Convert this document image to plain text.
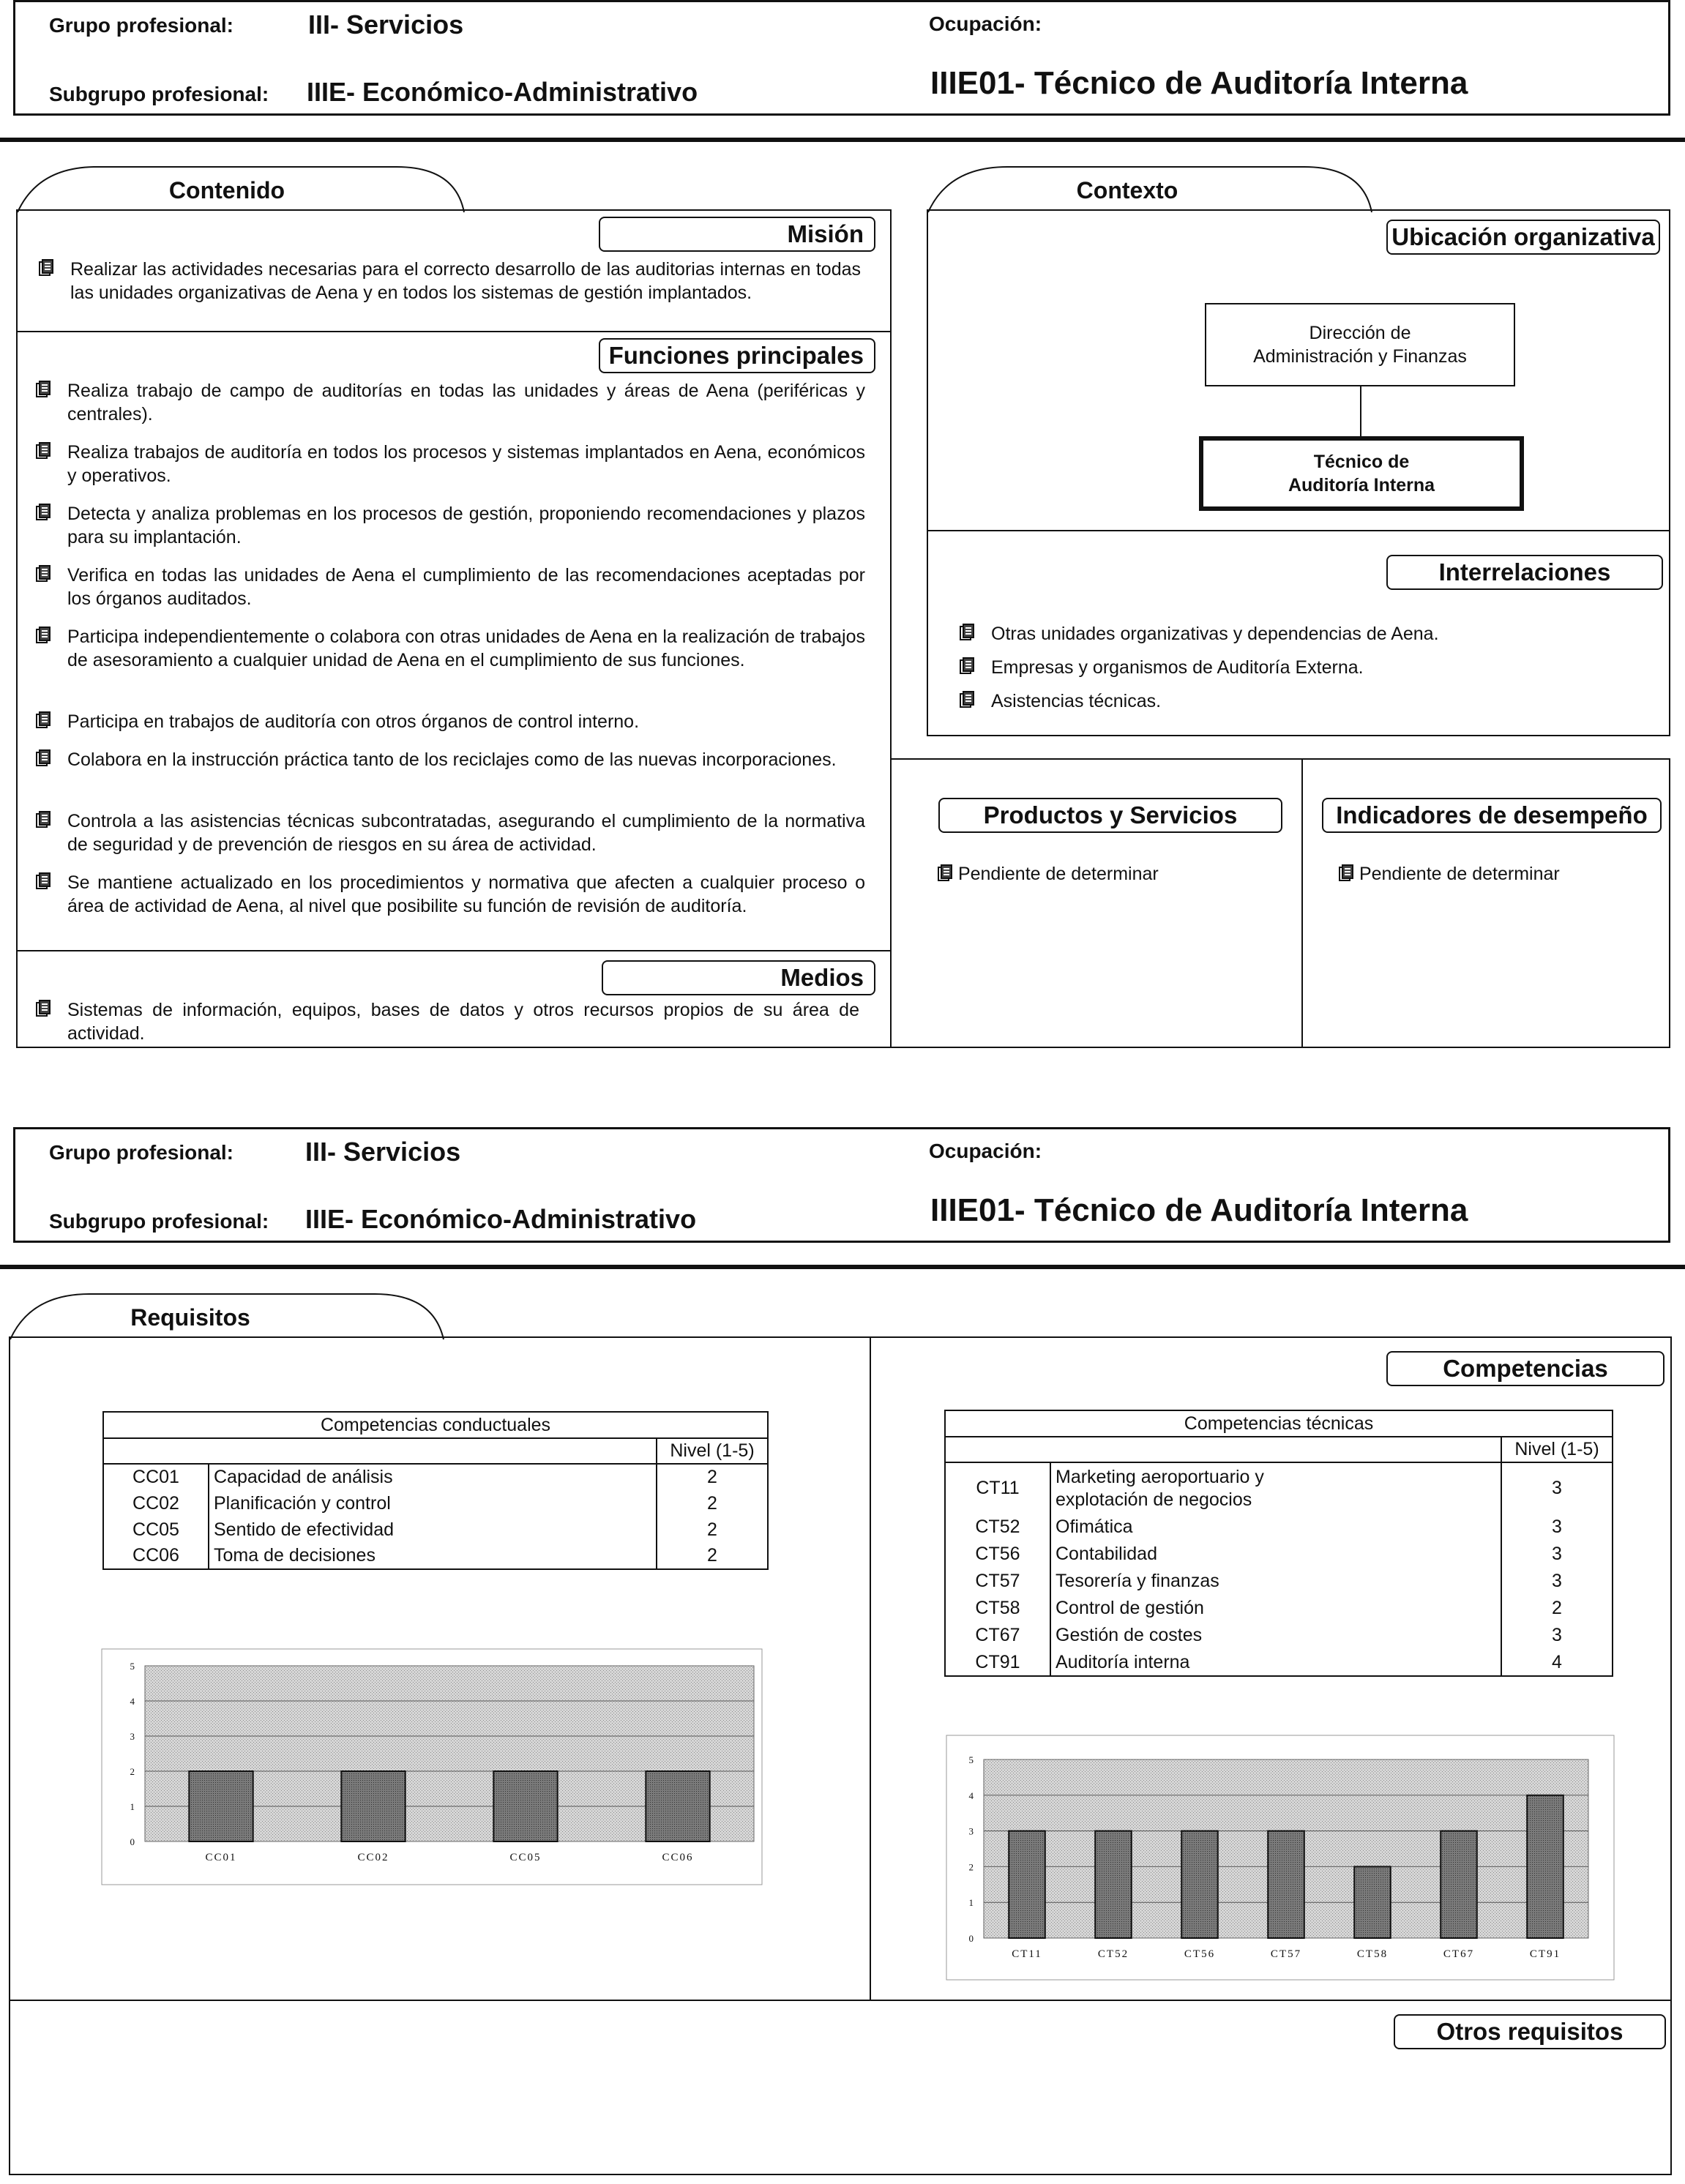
Grupo profesional:	III- Servicios
Subgrupo profesional: IIIE- Económico-Administrativo
Ocupación:
IIIE01- Técnico de Auditoría Interna
Contenido
Misión
Realizar las actividades necesarias para el correcto desarrollo de las auditorias internas en todas las unidades organizativas de Aena y en todos los sistemas de gestión implantados.
Funciones principales
Realiza trabajo de campo de auditorías en todas las unidades y áreas de Aena (periféricas y centrales).
Realiza trabajos de auditoría en todos los procesos y sistemas implantados en Aena, económicos y operativos.
Detecta y analiza problemas en los procesos de gestión, proponiendo recomendaciones y plazos para su implantación.
Verifica en todas las unidades de Aena el cumplimiento de las recomendaciones aceptadas por los órganos auditados.
Participa independientemente o colabora con otras unidades de Aena en la realización de trabajos de asesoramiento a cualquier unidad de Aena en el cumplimiento de sus funciones.
Participa en trabajos de auditoría con otros órganos de control interno.
Colabora en la instrucción práctica tanto de los reciclajes como de las nuevas incorporaciones.
Controla a las asistencias técnicas subcontratadas, asegurando el cumplimiento de la normativa de seguridad y de prevención de riesgos en su área de actividad.
Se mantiene actualizado en los procedimientos y normativa que afecten a cualquier proceso o área de actividad de Aena, al nivel que posibilite su función de revisión de auditoría.
Medios
Sistemas de información, equipos, bases de datos y otros recursos propios de su área de actividad.
Contexto
Ubicación organizativa
Dirección de
Administración y Finanzas
Técnico de
Auditoría Interna
Interrelaciones
Otras unidades organizativas y dependencias de Aena.
Empresas y organismos de Auditoría Externa.
Asistencias técnicas.
Productos y Servicios
Pendiente de determinar
Indicadores de desempeño
Pendiente de determinar
Grupo profesional:	III- Servicios
Subgrupo profesional: IIIE- Económico-Administrativo
Ocupación:
IIIE01- Técnico de Auditoría Interna
Requisitos
Competencias
Otros requisitos
Competencias conductuales		
		Nivel (1-5)
CC01	Capacidad de análisis	2
CC02	Planificación y control	2
CC05	Sentido de efectividad	2
CC06	Toma de decisiones	2
Competencias técnicas		
		Nivel (1-5)
CT11	Marketing aeroportuario y
explotación de negocios	3
CT52	Ofimática	3
CT56	Contabilidad	3
CT57	Tesorería y finanzas	3
CT58	Control de gestión	2
CT67	Gestión de costes	3
CT91	Auditoría interna	4
0
1
2
3
4
5
CC01	CC02	CC05	CC06
0
1
2
3
4
5
CT11	CT52	CT56	CT57	CT58	CT67	CT91
